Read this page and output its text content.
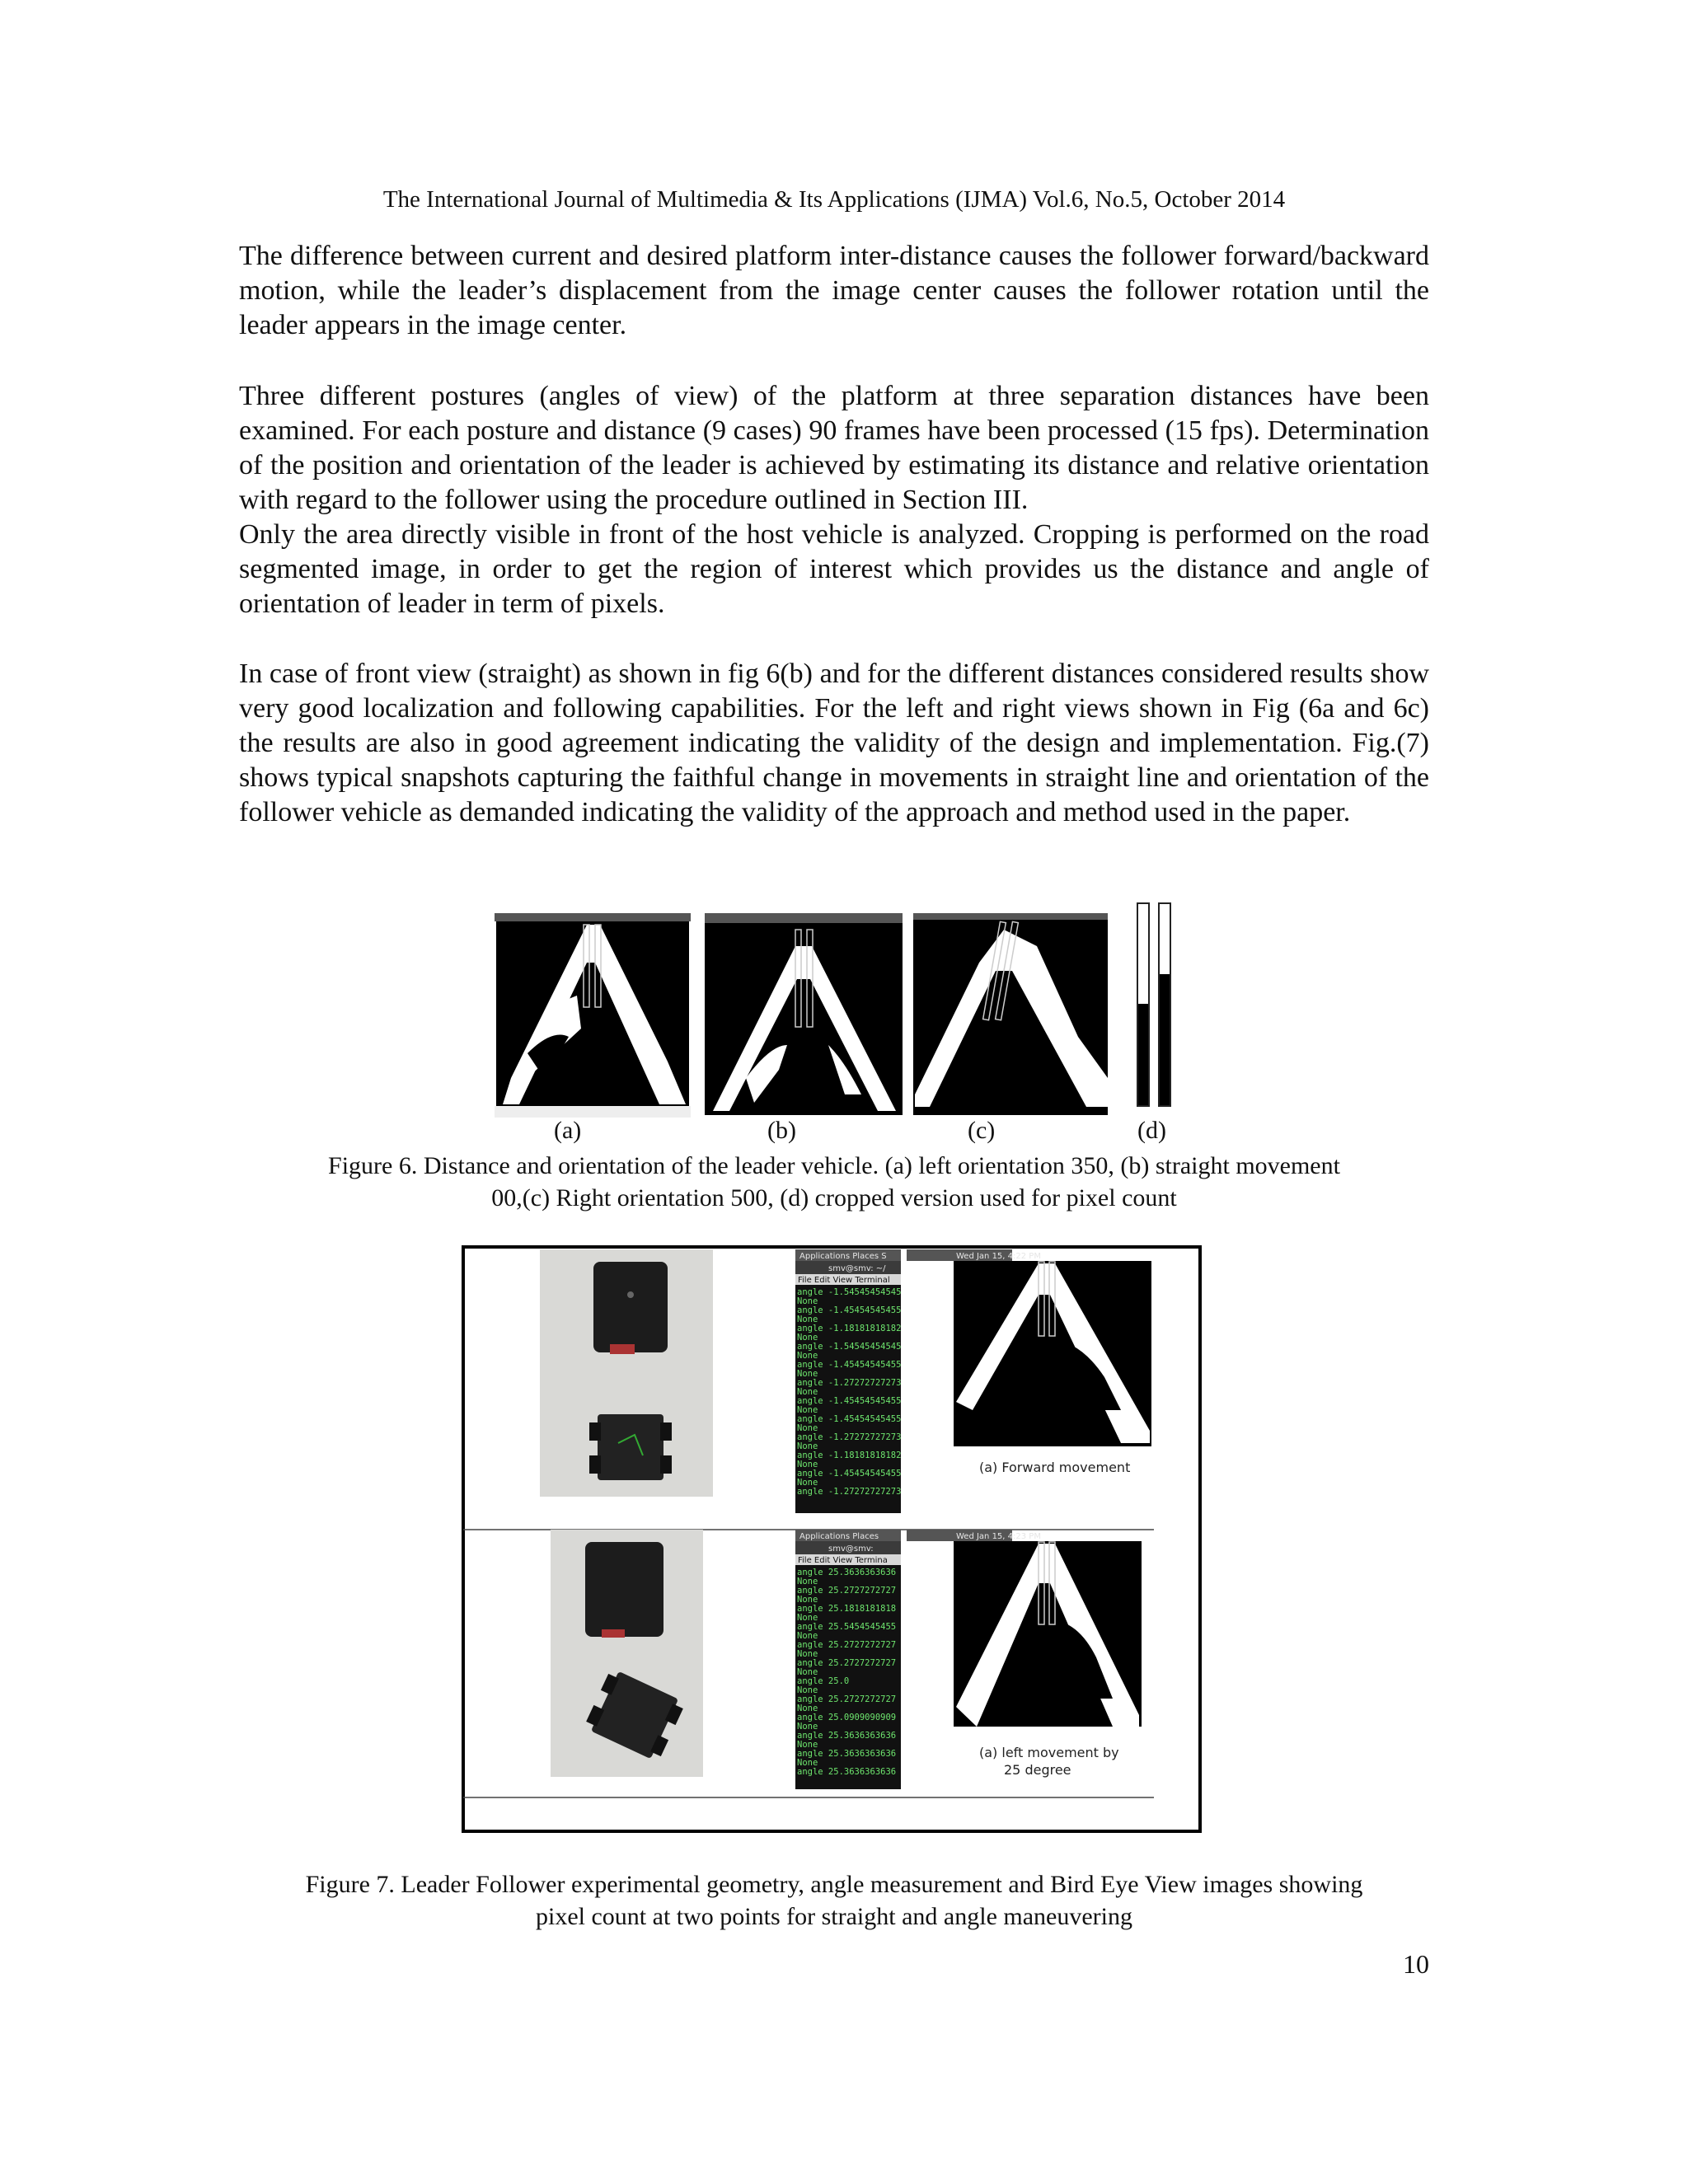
The International Journal of Multimedia & Its Applications (IJMA) Vol.6, No.5, October 2014
The difference between current and desired platform inter-distance causes the follower forward/backward motion, while the leader’s displacement from the image center causes the follower rotation until the leader appears in the image center.
Three different postures (angles of view) of the platform at three separation distances have been examined. For each posture and distance (9 cases) 90 frames have been processed (15 fps). Determination of the position and orientation of the leader is achieved by estimating its distance and relative orientation with regard to the follower using the procedure outlined in Section III.
Only the area directly visible in front of the host vehicle is analyzed. Cropping is performed on the road segmented image, in order to get the region of interest which provides us the distance and angle of orientation of leader in term of pixels.
In case of front view (straight) as shown in fig 6(b) and for the different distances considered results show very good localization and following capabilities. For the left and right views shown in Fig (6a and 6c) the results are also in good agreement indicating the validity of the design and implementation. Fig.(7) shows typical snapshots capturing the faithful change in movements in straight line and orientation of the follower vehicle as demanded indicating the validity of the approach and method used in the paper.
(a)	(b)	(c)	(d)
Figure 6. Distance and orientation of the leader vehicle. (a) left orientation 350, (b) straight movement
00,(c) Right orientation 500, (d) cropped version used for pixel count
Applications Places S
smv@smv: ~/
File Edit View Terminal
angle -1.54545454545
None
angle -1.45454545455
None
angle -1.18181818182
None
angle -1.54545454545
None
angle -1.45454545455
None
angle -1.27272727273
None
angle -1.45454545455
None
angle -1.45454545455
None
angle -1.27272727273
None
angle -1.18181818182
None
angle -1.45454545455
None
angle -1.27272727273
Wed Jan 15, 4:22 PM
(a) Forward movement
Applications Places
smv@smv:
File Edit View Termina
angle 25.3636363636
None
angle 25.2727272727
None
angle 25.1818181818
None
angle 25.5454545455
None
angle 25.2727272727
None
angle 25.2727272727
None
angle 25.0
None
angle 25.2727272727
None
angle 25.0909090909
None
angle 25.3636363636
None
angle 25.3636363636
None
angle 25.3636363636
Wed Jan 15, 4:23 PM
(a) left movement by
25 degree
Figure 7. Leader Follower experimental geometry, angle measurement and Bird Eye View images showing
pixel count at two points for straight and angle maneuvering
10
